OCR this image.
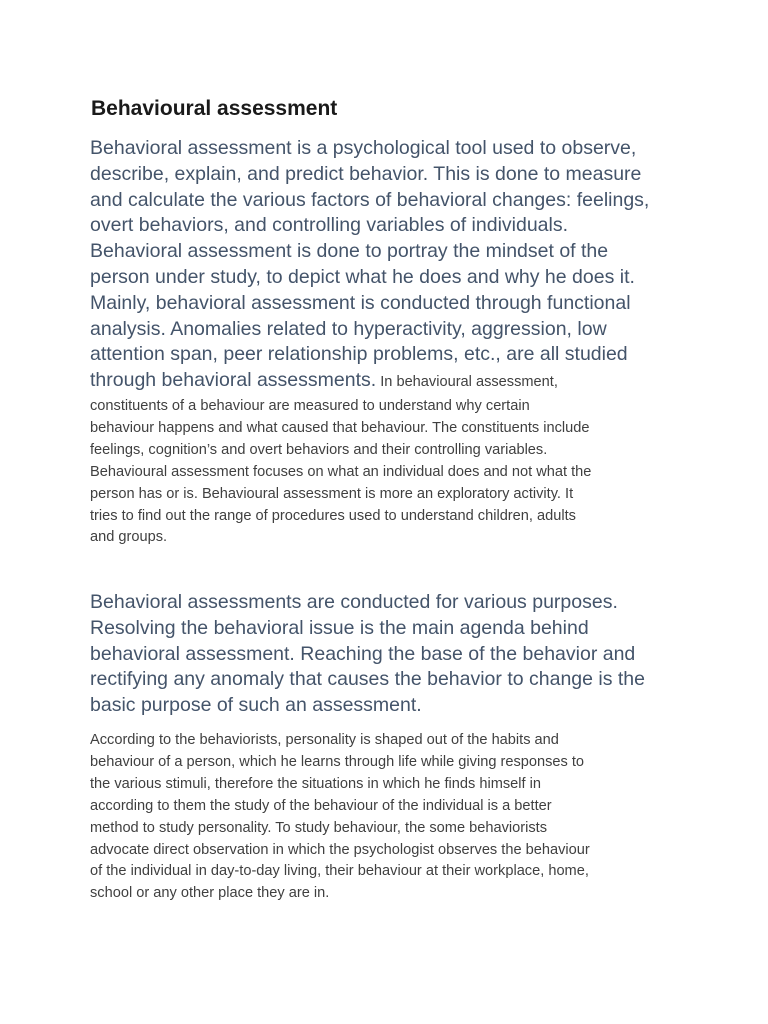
Behavioural assessment
Behavioral assessment is a psychological tool used to observe,
describe, explain, and predict behavior. This is done to measure
and calculate the various factors of behavioral changes: feelings,
overt behaviors, and controlling variables of individuals.
Behavioral assessment is done to portray the mindset of the
person under study, to depict what he does and why he does it.
Mainly, behavioral assessment is conducted through functional
analysis. Anomalies related to hyperactivity, aggression, low
attention span, peer relationship problems, etc., are all studied
through behavioral assessments. In behavioural assessment,
constituents of a behaviour are measured to understand why certain
behaviour happens and what caused that behaviour. The constituents include
feelings, cognition’s and overt behaviors and their controlling variables.
Behavioural assessment focuses on what an individual does and not what the
person has or is. Behavioural assessment is more an exploratory activity. It
tries to find out the range of procedures used to understand children, adults
and groups.
Behavioral assessments are conducted for various purposes.
Resolving the behavioral issue is the main agenda behind
behavioral assessment. Reaching the base of the behavior and
rectifying any anomaly that causes the behavior to change is the
basic purpose of such an assessment.
According to the behaviorists, personality is shaped out of the habits and
behaviour of a person, which he learns through life while giving responses to
the various stimuli, therefore the situations in which he finds himself in
according to them the study of the behaviour of the individual is a better
method to study personality. To study behaviour, the some behaviorists
advocate direct observation in which the psychologist observes the behaviour
of the individual in day-to-day living, their behaviour at their workplace, home,
school or any other place they are in.
